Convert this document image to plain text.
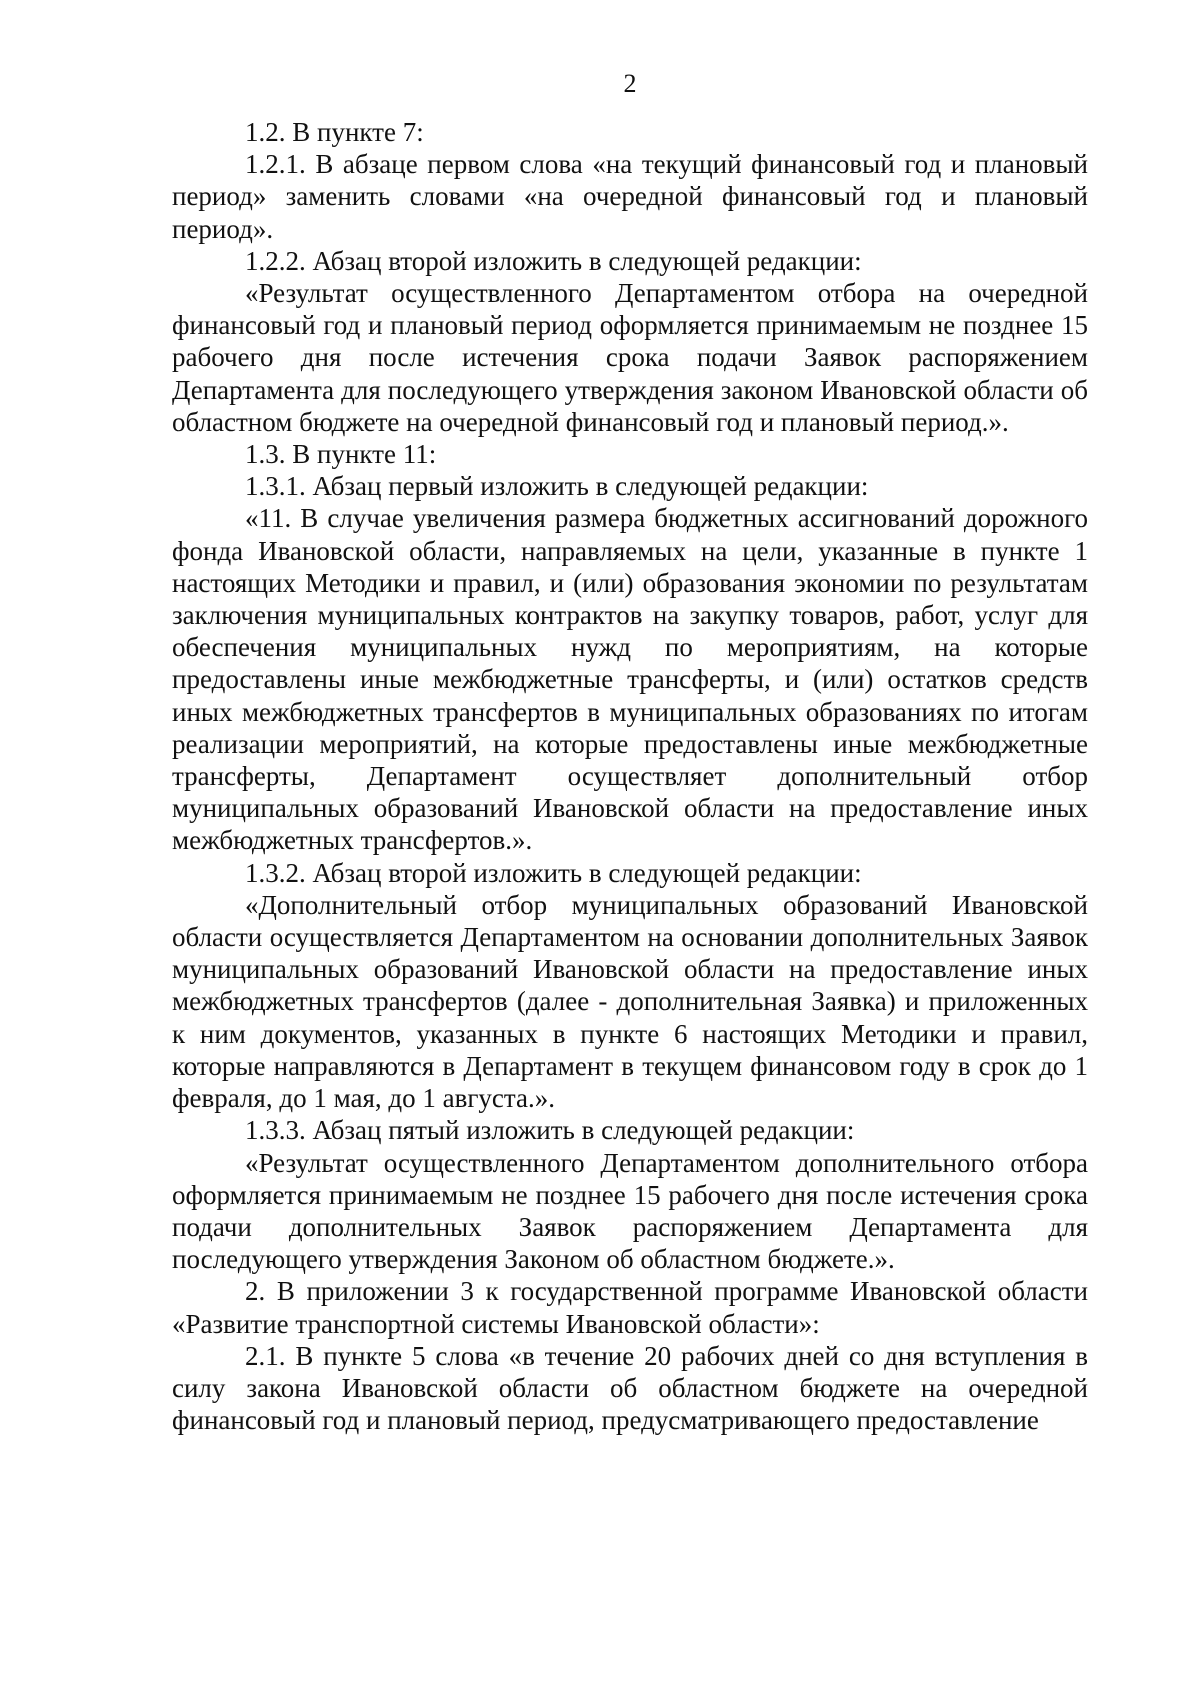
2

1.2. В пункте 7:

1.2.1. В абзаце первом слова «на текущий финансовый год и плановый период» заменить словами «на очередной финансовый год и плановый период».

1.2.2. Абзац второй изложить в следующей редакции:

«Результат осуществленного Департаментом отбора на очередной финансовый год и плановый период оформляется принимаемым не позднее 15 рабочего дня после истечения срока подачи Заявок распоряжением Департамента для последующего утверждения законом Ивановской области об областном бюджете на очередной финансовый год и плановый период.».

1.3. В пункте 11:

1.3.1. Абзац первый изложить в следующей редакции:

«11. В случае увеличения размера бюджетных ассигнований дорожного фонда Ивановской области, направляемых на цели, указанные в пункте 1 настоящих Методики и правил, и (или) образования экономии по результатам заключения муниципальных контрактов на закупку товаров, работ, услуг для обеспечения муниципальных нужд по мероприятиям, на которые предоставлены иные межбюджетные трансферты, и (или) остатков средств иных межбюджетных трансфертов в муниципальных образованиях по итогам реализации мероприятий, на которые предоставлены иные межбюджетные трансферты, Департамент осуществляет дополнительный отбор муниципальных образований Ивановской области на предоставление иных межбюджетных трансфертов.».

1.3.2. Абзац второй изложить в следующей редакции:

«Дополнительный отбор муниципальных образований Ивановской области осуществляется Департаментом на основании дополнительных Заявок муниципальных образований Ивановской области на предоставление иных межбюджетных трансфертов (далее - дополнительная Заявка) и приложенных к ним документов, указанных в пункте 6 настоящих Методики и правил, которые направляются в Департамент в текущем финансовом году в срок до 1 февраля, до 1 мая, до 1 августа.».

1.3.3. Абзац пятый изложить в следующей редакции:

«Результат осуществленного Департаментом дополнительного отбора оформляется принимаемым не позднее 15 рабочего дня после истечения срока подачи дополнительных Заявок распоряжением Департамента для последующего утверждения Законом об областном бюджете.».

2. В приложении 3 к государственной программе Ивановской области «Развитие транспортной системы Ивановской области»:

2.1. В пункте 5 слова «в течение 20 рабочих дней со дня вступления в силу закона Ивановской области об областном бюджете на очередной финансовый год и плановый период, предусматривающего предоставление
